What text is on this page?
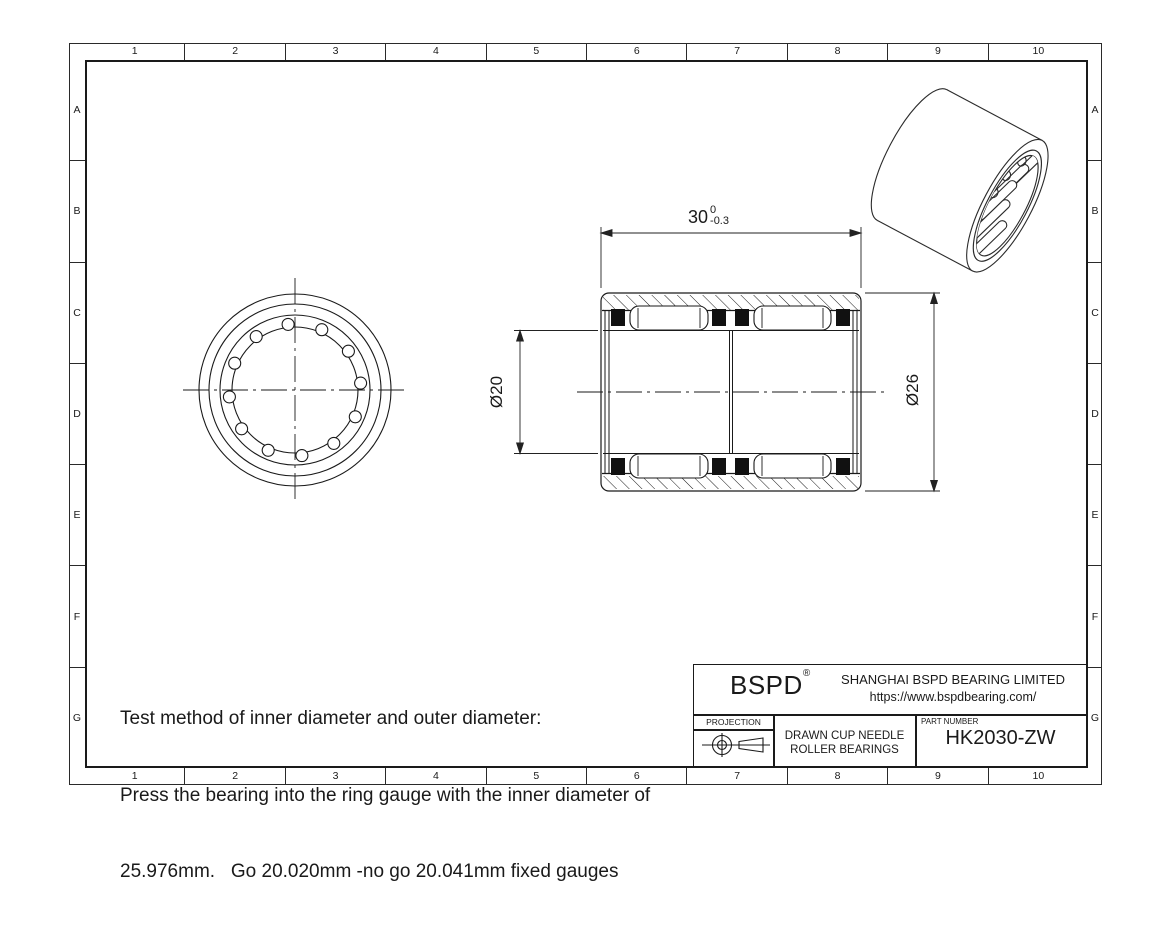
1	2	3	4	5	6	7	8	9	10
1	2	3	4	5	6	7	8	9	10
A
B
C
D
E
F
G
A
B
C
D
E
F
G
30 0
-0.3
Ø20	Ø26

Test method of inner diameter and outer diameter:

Press the bearing into the ring gauge with the inner diameter of

25.976mm.   Go 20.020mm -no go 20.041mm fixed gauges

BSPD®	SHANGHAI BSPD BEARING LIMITED
https://www.bspdbearing.com/
PROJECTION
DRAWN CUP NEEDLE
ROLLER BEARINGS
PART NUMBER
HK2030-ZW
